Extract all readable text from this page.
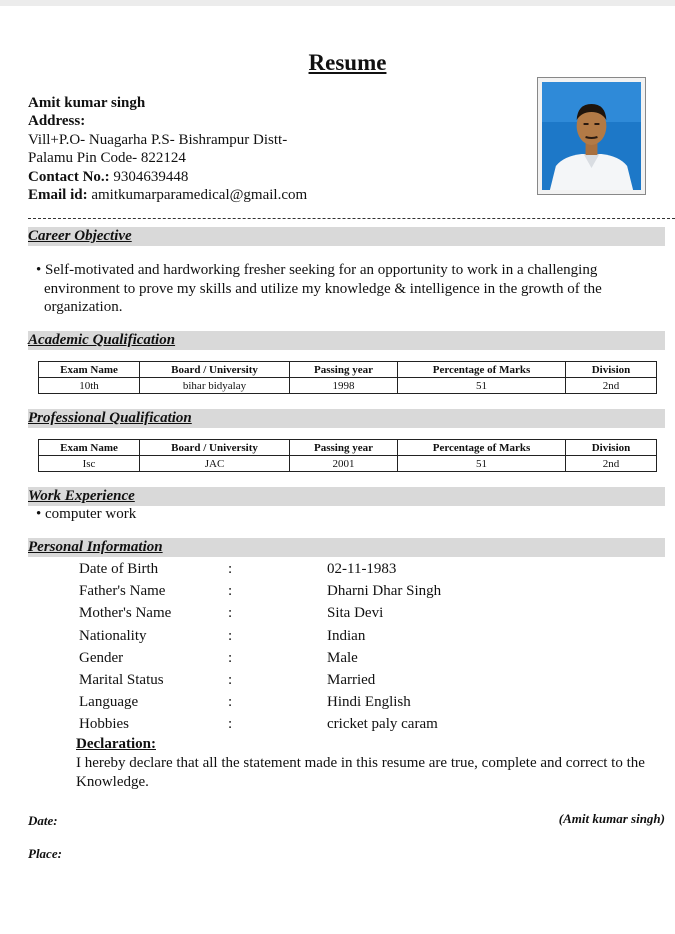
Resume
Amit kumar singh
Address:
Vill+P.O- Nuagarha P.S- Bishrampur Distt-
Palamu Pin Code- 822124
Contact No.: 9304639448
Email id: amitkumarparamedical@gmail.com
Career Objective
• Self-motivated and hardworking fresher seeking for an opportunity to work in a challenging environment to prove my skills and utilize my knowledge & intelligence in the growth of the organization.
Academic Qualification
Exam Name	Board / University	Passing year	Percentage of Marks	Division
10th	bihar bidyalay	1998	51	2nd
Professional Qualification
Exam Name	Board / University	Passing year	Percentage of Marks	Division
Isc	JAC	2001	51	2nd
Work Experience
• computer work
Personal Information
Date of Birth	:	02-11-1983
Father's Name	:	Dharni Dhar Singh
Mother's Name	:	Sita Devi
Nationality	:	Indian
Gender	:	Male
Marital Status	:	Married
Language	:	Hindi English
Hobbies	:	cricket paly caram
Declaration:
I hereby declare that all the statement made in this resume are true, complete and correct to the Knowledge.
Date:	(Amit kumar singh)
Place:
